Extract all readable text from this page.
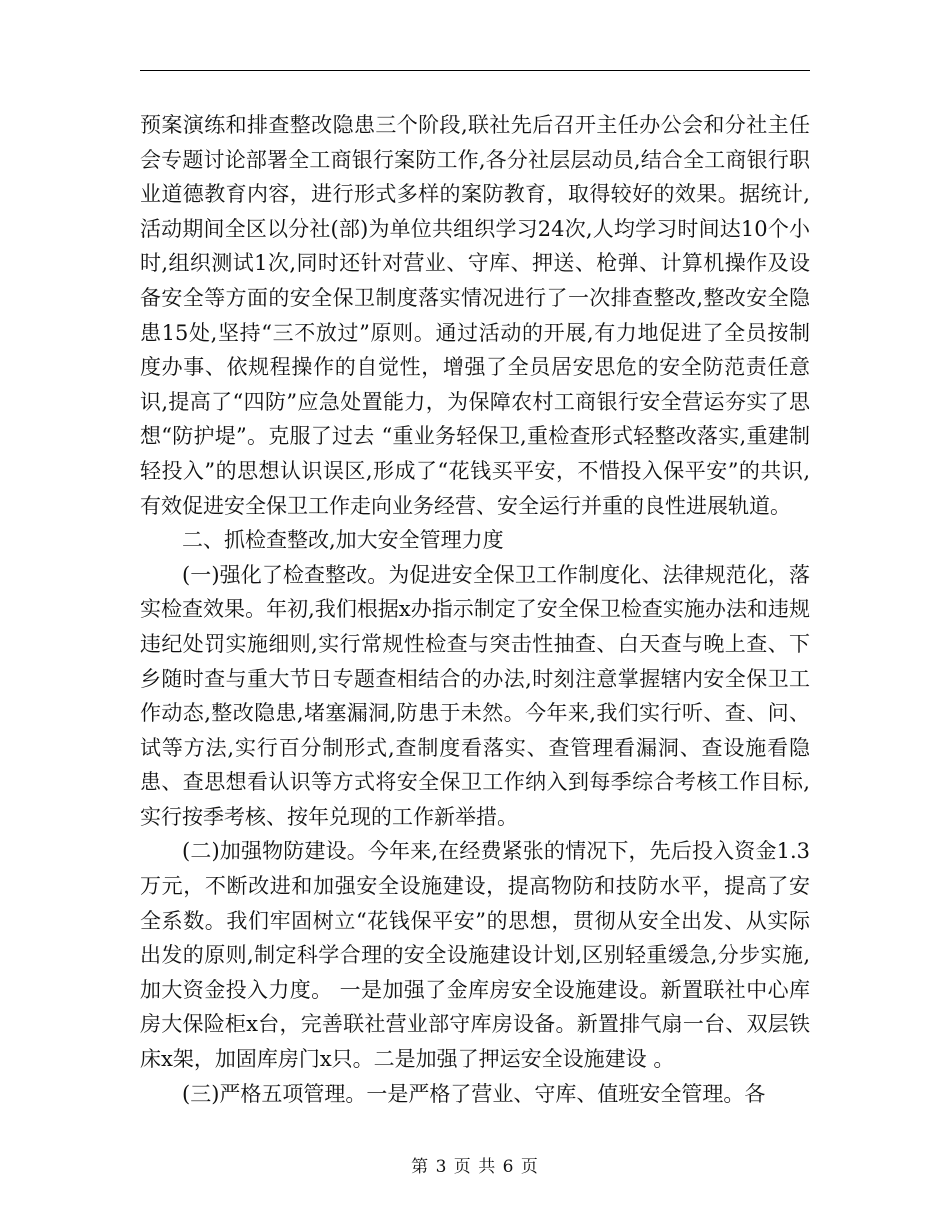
预案演练和排查整改隐患三个阶段,联社先后召开主任办公会和分社主任会专题讨论部署全工商银行案防工作,各分社层层动员,结合全工商银行职业道德教育内容，进行形式多样的案防教育，取得较好的效果。据统计,活动期间全区以分社(部)为单位共组织学习24次,人均学习时间达10个小时,组织测试1次,同时还针对营业、守库、押送、枪弹、计算机操作及设备安全等方面的安全保卫制度落实情况进行了一次排查整改,整改安全隐患15处,坚持“三不放过”原则。通过活动的开展,有力地促进了全员按制度办事、依规程操作的自觉性，增强了全员居安思危的安全防范责任意识,提高了“四防”应急处置能力，为保障农村工商银行安全营运夯实了思想“防护堤”。克服了过去 “重业务轻保卫,重检查形式轻整改落实,重建制轻投入”的思想认识误区,形成了“花钱买平安，不惜投入保平安”的共识,有效促进安全保卫工作走向业务经营、安全运行并重的良性进展轨道。

二、抓检查整改,加大安全管理力度

(一)强化了检查整改。为促进安全保卫工作制度化、法律规范化，落实检查效果。年初,我们根据x办指示制定了安全保卫检查实施办法和违规违纪处罚实施细则,实行常规性检查与突击性抽查、白天查与晚上查、下乡随时查与重大节日专题查相结合的办法,时刻注意掌握辖内安全保卫工作动态,整改隐患,堵塞漏洞,防患于未然。今年来,我们实行听、查、问、试等方法,实行百分制形式,查制度看落实、查管理看漏洞、查设施看隐患、查思想看认识等方式将安全保卫工作纳入到每季综合考核工作目标,实行按季考核、按年兑现的工作新举措。

(二)加强物防建设。今年来,在经费紧张的情况下，先后投入资金1.3万元，不断改进和加强安全设施建设，提高物防和技防水平，提高了安全系数。我们牢固树立“花钱保平安”的思想，贯彻从安全出发、从实际出发的原则,制定科学合理的安全设施建设计划,区别轻重缓急,分步实施,加大资金投入力度。 一是加强了金库房安全设施建设。新置联社中心库房大保险柜x台，完善联社营业部守库房设备。新置排气扇一台、双层铁床x架，加固库房门x只。二是加强了押运安全设施建设 。

(三)严格五项管理。一是严格了营业、守库、值班安全管理。各

第 3 页 共 6 页
